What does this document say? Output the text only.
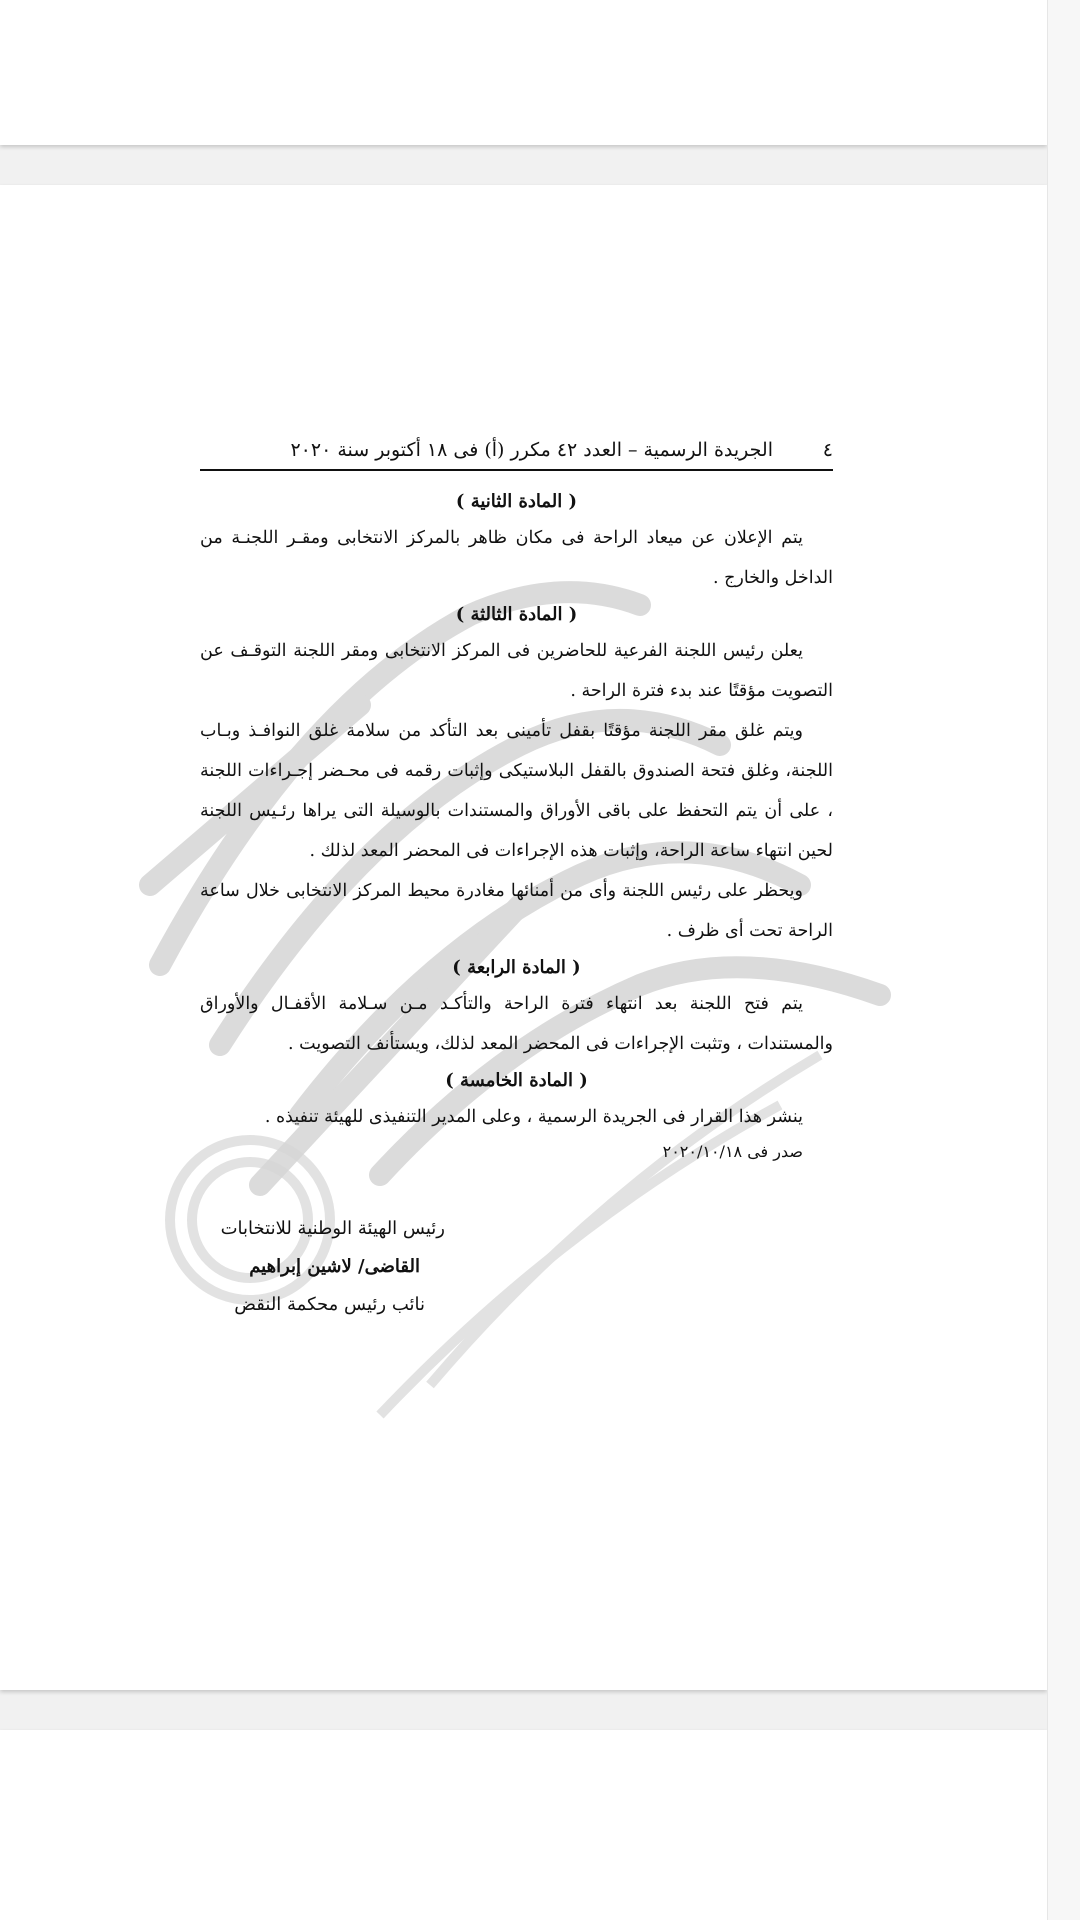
٤
الجريدة الرسمية – العدد ٤٢ مكرر (أ) فى ١٨ أكتوبر سنة ٢٠٢٠
( المادة الثانية )

يتم الإعلان عن ميعاد الراحة فى مكان ظاهر بالمركز الانتخابى ومقـر اللجنـة من الداخل والخارج .

( المادة الثالثة )

يعلن رئيس اللجنة الفرعية للحاضرين فى المركز الانتخابى ومقر اللجنة التوقـف عن التصويت مؤقتًا عند بدء فترة الراحة .

ويتم غلق مقر اللجنة مؤقتًا بقفل تأمينى بعد التأكد من سلامة غلق النوافـذ وبـاب اللجنة، وغلق فتحة الصندوق بالقفل البلاستيكى وإثبات رقمه فى محـضر إجـراءات اللجنة ، على أن يتم التحفظ على باقى الأوراق والمستندات بالوسيلة التى يراها رئـيس اللجنة لحين انتهاء ساعة الراحة، وإثبات هذه الإجراءات فى المحضر المعد لذلك .

ويحظر على رئيس اللجنة وأى من أمنائها مغادرة محيط المركز الانتخابى خلال ساعة الراحة تحت أى ظرف .

( المادة الرابعة )

يتم فتح اللجنة بعد انتهاء فترة الراحة والتأكـد مـن سـلامة الأقفـال والأوراق والمستندات ، وتثبت الإجراءات فى المحضر المعد لذلك، ويستأنف التصويت .

( المادة الخامسة )

ينشر هذا القرار فى الجريدة الرسمية ، وعلى المدير التنفيذى للهيئة تنفيذه .

صدر فى ٢٠٢٠/١٠/١٨
رئيس الهيئة الوطنية للانتخابات
القاضى/ لاشين إبراهيم
نائب رئيس محكمة النقض
